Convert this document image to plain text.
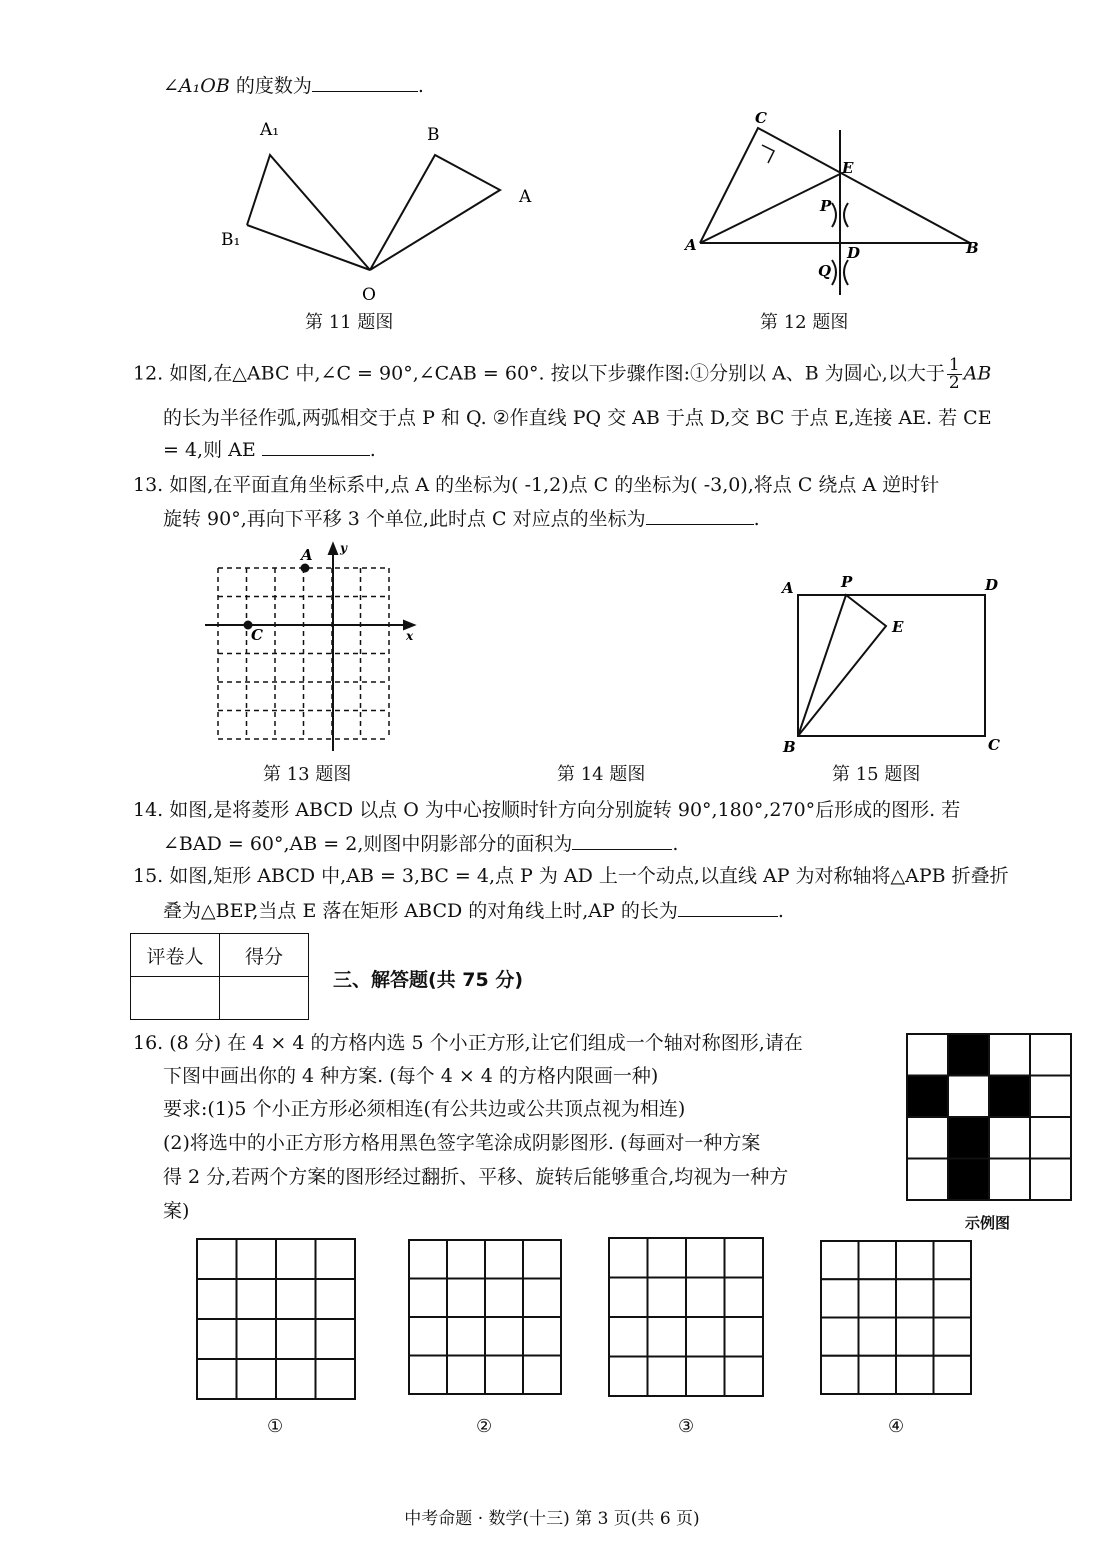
∠A₁OB 的度数为	.
A₁	B
A
B₁
O
第 11 题图
C
E
P
A	D	B
Q
第 12 题图
12. 如图,在△ABC 中,∠C = 90°,∠CAB = 60°. 按以下步骤作图:①分别以 A、B 为圆心,以大于 $\frac{1}{2}$ AB
的长为半径作弧,两弧相交于点 P 和 Q. ②作直线 PQ 交 AB 于点 D,交 BC 于点 E,连接 AE. 若 CE
= 4,则 AE	.
13. 如图,在平面直角坐标系中,点 A 的坐标为( -1,2)点 C 的坐标为( -3,0),将点 C 绕点 A 逆时针
旋转 90°,再向下平移 3 个单位,此时点 C 对应点的坐标为	.
A y
C	x
第 13 题图	第 14 题图
A	P	D
E
B	C
第 15 题图
14. 如图,是将菱形 ABCD 以点 O 为中心按顺时针方向分别旋转 90°,180°,270°后形成的图形. 若
∠BAD = 60°,AB = 2,则图中阴影部分的面积为	.
15. 如图,矩形 ABCD 中,AB = 3,BC = 4,点 P 为 AD 上一个动点,以直线 AP 为对称轴将△APB 折叠折
叠为△BEP,当点 E 落在矩形 ABCD 的对角线上时,AP 的长为	.
评卷人	得分

三、解答题(共 75 分)
16. (8 分) 在 4 × 4 的方格内选 5 个小正方形,让它们组成一个轴对称图形,请在
下图中画出你的 4 种方案. (每个 4 × 4 的方格内限画一种)
要求:(1)5 个小正方形必须相连(有公共边或公共顶点视为相连)
(2)将选中的小正方形方格用黑色签字笔涂成阴影图形. (每画对一种方案
得 2 分,若两个方案的图形经过翻折、平移、旋转后能够重合,均视为一种方
案)
示例图
①	②	③	④
中考命题 · 数学(十三) 第 3 页(共 6 页)
